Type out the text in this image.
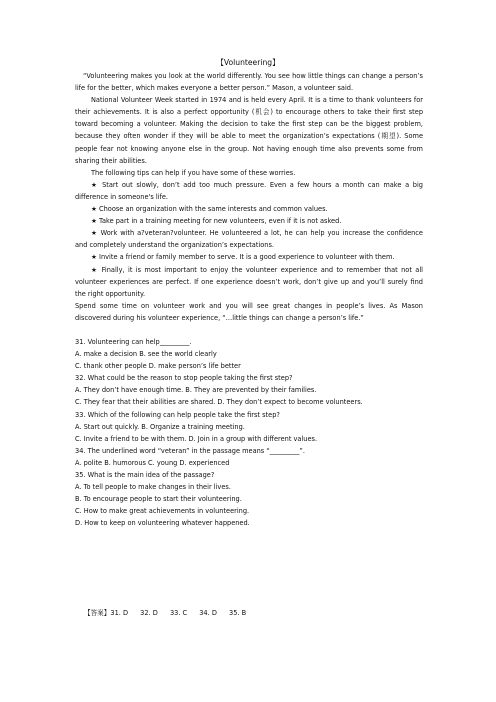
【Volunteering】

“Volunteering makes you look at the world differently. You see how little things can change a person’s life for the better, which makes everyone a better person.” Mason, a volunteer said.

National Volunteer Week started in 1974 and is held every April. It is a time to thank volunteers for their achievements. It is also a perfect opportunity (机会) to encourage others to take their first step toward becoming a volunteer. Making the decision to take the first step can be the biggest problem, because they often wonder if they will be able to meet the organization’s expectations (期望). Some people fear not knowing anyone else in the group. Not having enough time also prevents some from sharing their abilities.

The following tips can help if you have some of these worries.

★ Start out slowly, don’t add too much pressure. Even a few hours a month can make a big difference in someone's life.

★ Choose an organization with the same interests and common values.

★ Take part in a training meeting for new volunteers, even if it is not asked.

★ Work with a?veteran?volunteer. He volunteered a lot, he can help you increase the confidence and completely understand the organization’s expectations.

★ Invite a friend or family member to serve. It is a good experience to volunteer with them.

★ Finally, it is most important to enjoy the volunteer experience and to remember that not all volunteer experiences are perfect. If one experience doesn’t work, don’t give up and you’ll surely find the right opportunity.

Spend some time on volunteer work and you will see great changes in people’s lives. As Mason discovered during his volunteer experience, “…little things can change a person’s life.”

31. Volunteering can help_________.

A. make a decision B. see the world clearly

C. thank other people D. make person’s life better

32. What could be the reason to stop people taking the first step?

A. They don’t have enough time. B. They are prevented by their families.

C. They fear that their abilities are shared. D. They don’t expect to become volunteers.

33. Which of the following can help people take the first step?

A. Start out quickly. B. Organize a training meeting.

C. Invite a friend to be with them. D. Join in a group with different values.

34. The underlined word “veteran” in the passage means “_________”.

A. polite B. humorous C. young D. experienced

35. What is the main idea of the passage?

A. To tell people to make changes in their lives.

B. To encourage people to start their volunteering.

C. How to make great achievements in volunteering.

D. How to keep on volunteering whatever happened.

【答案】31. D 32. D 33. C 34. D 35. B
